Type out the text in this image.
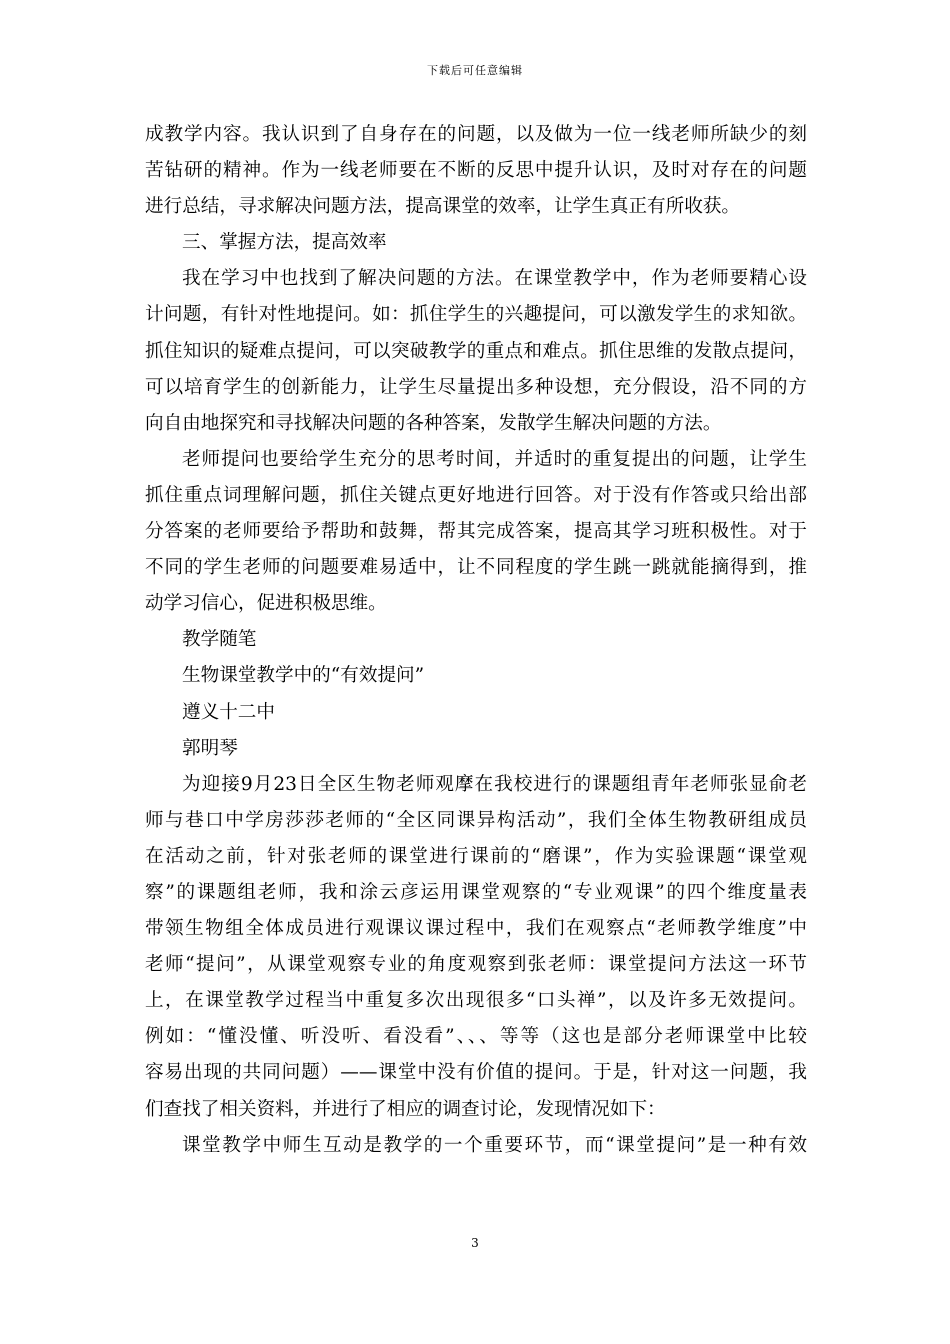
下载后可任意编辑
成教学内容。我认识到了自身存在的问题，以及做为一位一线老师所缺少的刻
苦钻研的精神。作为一线老师要在不断的反思中提升认识，及时对存在的问题
进行总结，寻求解决问题方法，提高课堂的效率，让学生真正有所收获。
三、掌握方法，提高效率
我在学习中也找到了解决问题的方法。在课堂教学中，作为老师要精心设
计问题，有针对性地提问。如：抓住学生的兴趣提问，可以激发学生的求知欲。
抓住知识的疑难点提问，可以突破教学的重点和难点。抓住思维的发散点提问，
可以培育学生的创新能力，让学生尽量提出多种设想，充分假设，沿不同的方
向自由地探究和寻找解决问题的各种答案，发散学生解决问题的方法。
老师提问也要给学生充分的思考时间，并适时的重复提出的问题，让学生
抓住重点词理解问题，抓住关键点更好地进行回答。对于没有作答或只给出部
分答案的老师要给予帮助和鼓舞，帮其完成答案，提高其学习班积极性。对于
不同的学生老师的问题要难易适中，让不同程度的学生跳一跳就能摘得到，推
动学习信心，促进积极思维。
教学随笔
生物课堂教学中的“有效提问”
遵义十二中
郭明琴
为迎接9月23日全区生物老师观摩在我校进行的课题组青年老师张显俞老
师与巷口中学房莎莎老师的“全区同课异构活动”，我们全体生物教研组成员
在活动之前，针对张老师的课堂进行课前的“磨课”，作为实验课题“课堂观
察”的课题组老师，我和涂云彦运用课堂观察的“专业观课”的四个维度量表
带领生物组全体成员进行观课议课过程中，我们在观察点“老师教学维度”中
老师“提问”，从课堂观察专业的角度观察到张老师：课堂提问方法这一环节
上，在课堂教学过程当中重复多次出现很多“口头禅”，以及许多无效提问。
例如：“懂没懂、听没听、看没看”、、、等等（这也是部分老师课堂中比较
容易出现的共同问题）——课堂中没有价值的提问。于是，针对这一问题，我
们查找了相关资料，并进行了相应的调查讨论，发现情况如下：
课堂教学中师生互动是教学的一个重要环节，而“课堂提问”是一种有效
3
